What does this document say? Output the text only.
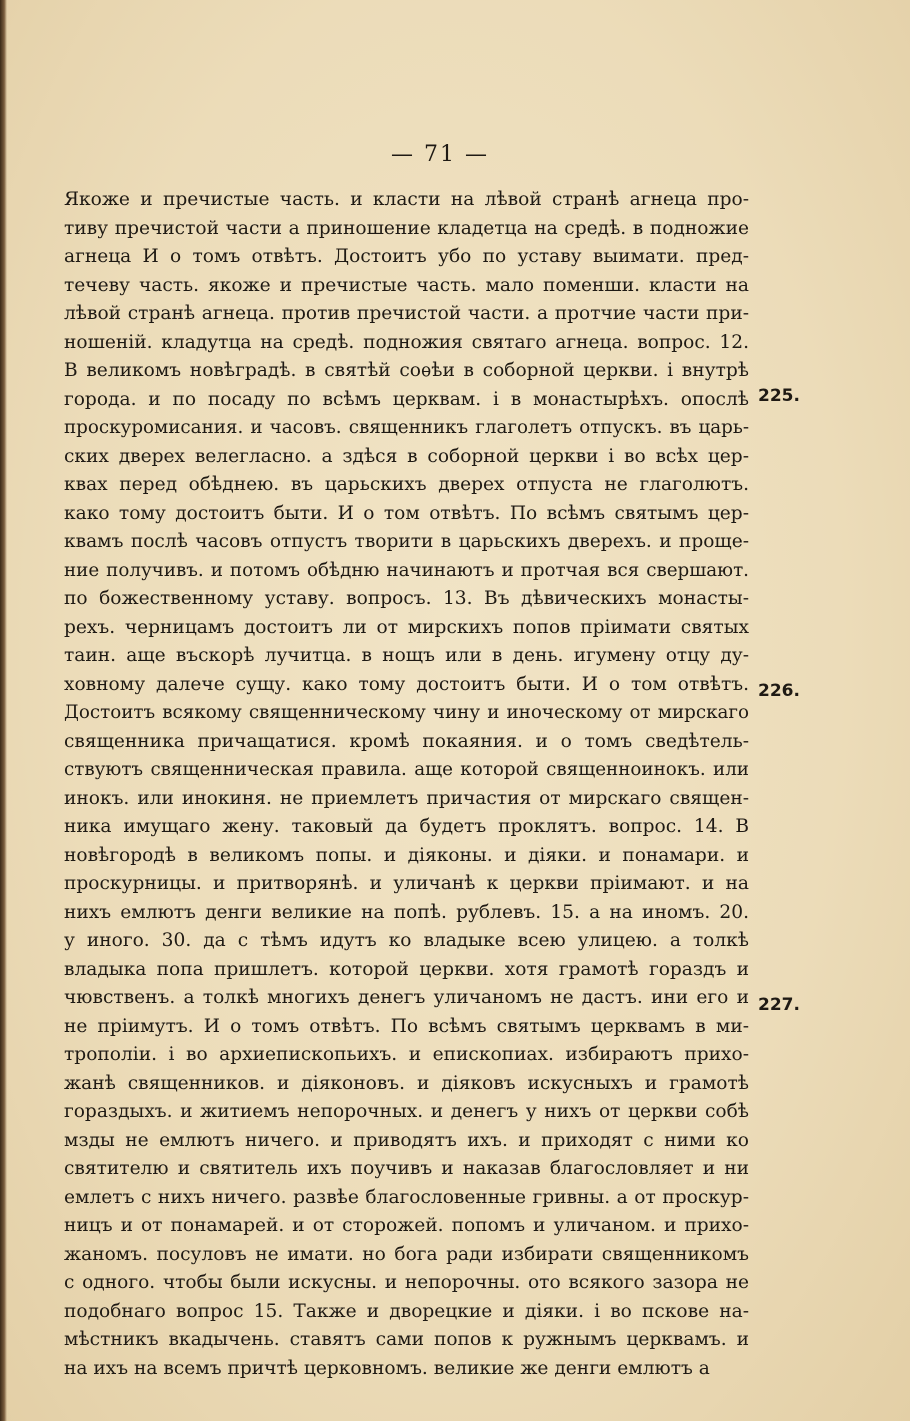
— 71 —
Якоже и пречистые часть. и класти на лѣвой странѣ агнеца про-
тиву пречистой части а приношение кладетца на средѣ. в подножие
агнеца И о томъ отвѣтъ. Достоитъ убо по уставу выимати. пред-
течеву часть. якоже и пречистые часть. мало поменши. класти на
лѣвой странѣ агнеца. против пречистой части. а протчие части при-
ношеній. кладутца на средѣ. подножия святаго агнеца. вопрос. 12.
В великомъ новѣградѣ. в святѣй соѳѣи в соборной церкви. і внутрѣ
города. и по посаду по всѣмъ церквам. і в монастырѣхъ. опослѣ
проскуромисания. и часовъ. священникъ глаголетъ отпускъ. въ царь-
ских дверех велегласно. а здѣся в соборной церкви і во всѣх цер-
квах перед обѣднею. въ царьскихъ дверех отпуста не глаголютъ.
како тому достоитъ быти. И о том отвѣтъ. По всѣмъ святымъ цер-
квамъ послѣ часовъ отпустъ творити в царьскихъ дверехъ. и проще-
ние получивъ. и потомъ обѣдню начинаютъ и протчая вся свершают.
по божественному уставу. вопросъ. 13. Въ дѣвическихъ монасты-
рехъ. черницамъ достоитъ ли от мирскихъ попов пріимати святых
таин. аще въскорѣ лучитца. в нощъ или в день. игумену отцу ду-
ховному далече сущу. како тому достоитъ быти. И о том отвѣтъ.
Достоитъ всякому священническому чину и иноческому от мирскаго
священника причащатися. кромѣ покаяния. и о томъ сведѣтель-
ствуютъ священническая правила. аще которой священноинокъ. или
инокъ. или инокиня. не приемлетъ причастия от мирскаго священ-
ника имущаго жену. таковый да будетъ проклятъ. вопрос. 14. В
новѣгородѣ в великомъ попы. и діяконы. и діяки. и понамари. и
проскурницы. и притворянѣ. и уличанѣ к церкви пріимают. и на
нихъ емлютъ денги великие на попѣ. рублевъ. 15. а на иномъ. 20.
у иного. 30. да с тѣмъ идутъ ко владыке всею улицею. а толкѣ
владыка попа пришлетъ. которой церкви. хотя грамотѣ гораздъ и
чювственъ. а толкѣ многихъ денегъ уличаномъ не дастъ. ини его и
не пріимутъ. И о томъ отвѣтъ. По всѣмъ святымъ церквамъ в ми-
трополіи. і во архиепископьихъ. и епископиах. избираютъ прихо-
жанѣ священников. и діяконовъ. и діяковъ искусныхъ и грамотѣ
гораздыхъ. и житиемъ непорочных. и денегъ у нихъ от церкви собѣ
мзды не емлютъ ничего. и приводятъ ихъ. и приходят с ними ко
святителю и святитель ихъ поучивъ и наказав благословляет и ни
емлетъ с нихъ ничего. развѣе благословенные гривны. а от проскур-
ницъ и от понамарей. и от сторожей. попомъ и уличаном. и прихо-
жаномъ. посуловъ не имати. но бога ради избирати священникомъ
с одного. чтобы были искусны. и непорочны. ото всякого зазора не
подобнаго вопрос 15. Также и дворецкие и діяки. і во пскове на-
мѣстникъ вкадычень. ставятъ сами попов к ружнымъ церквамъ. и
на ихъ на всемъ причтѣ церковномъ. великие же денги емлютъ а
225.
226.
227.
